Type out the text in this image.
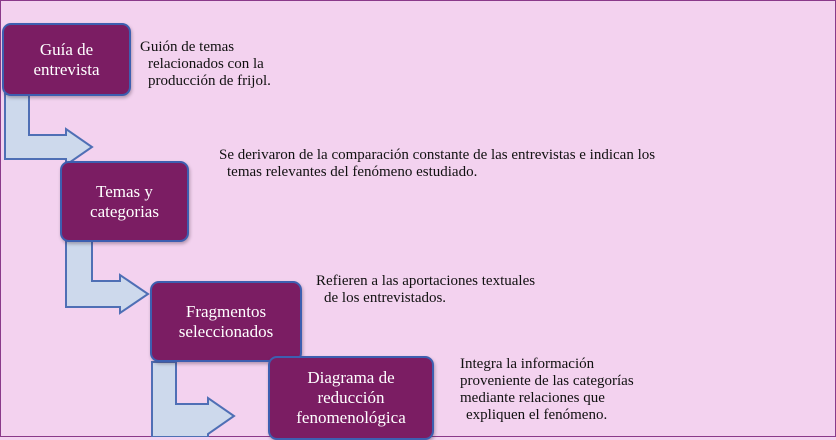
Guía de
entrevista
Temas y
categorias
Fragmentos
seleccionados
Diagrama de
reducción
fenomenológica
Guión de temas
relacionados con la
producción de frijol.
Se derivaron de la comparación constante de las entrevistas e indican los
temas relevantes del fenómeno estudiado.
Refieren a las aportaciones textuales
de los entrevistados.
Integra la información
proveniente de las categorías
mediante relaciones que
expliquen el fenómeno.
